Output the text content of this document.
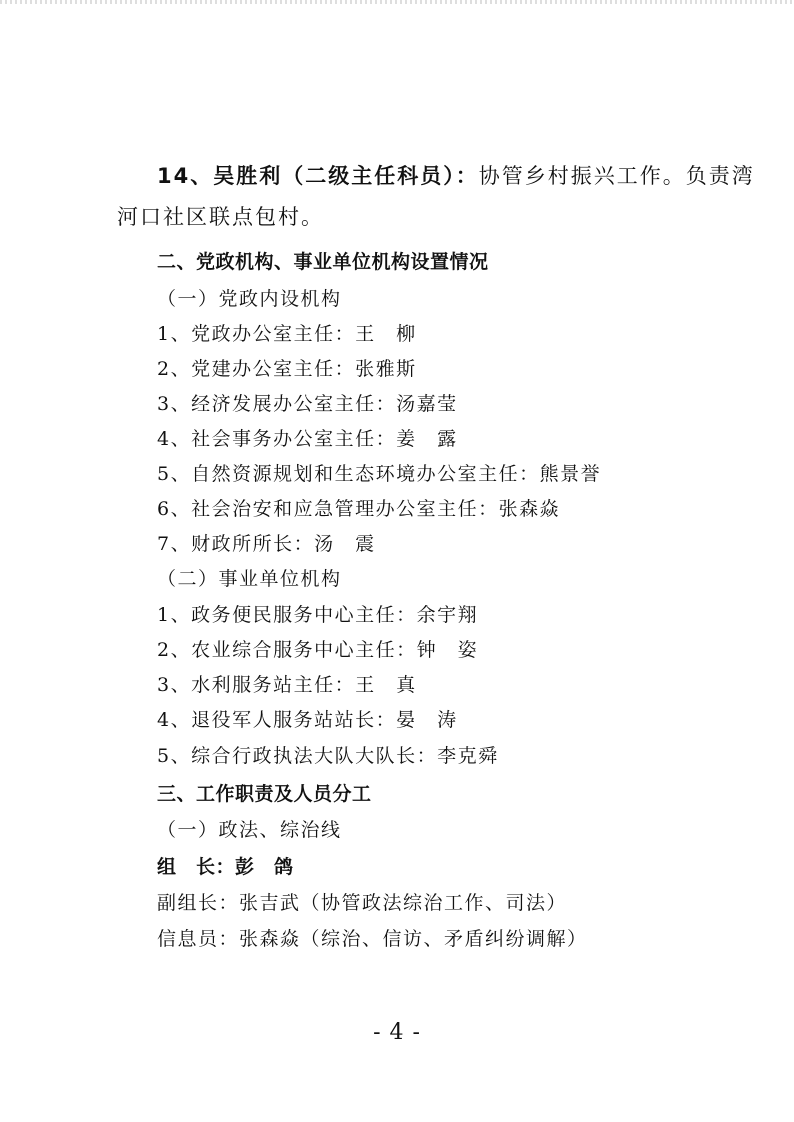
14、吴胜利（二级主任科员）：协管乡村振兴工作。负责湾
河口社区联点包村。
二、党政机构、事业单位机构设置情况
（一）党政内设机构
1、党政办公室主任：王　柳
2、党建办公室主任：张雅斯
3、经济发展办公室主任：汤嘉莹
4、社会事务办公室主任：姜　露
5、自然资源规划和生态环境办公室主任：熊景誉
6、社会治安和应急管理办公室主任：张森焱
7、财政所所长：汤　震
（二）事业单位机构
1、政务便民服务中心主任：余宇翔
2、农业综合服务中心主任：钟　姿
3、水利服务站主任：王　真
4、退役军人服务站站长：晏　涛
5、综合行政执法大队大队长：李克舜
三、工作职责及人员分工
（一）政法、综治线
组　长：彭　鸽
副组长：张吉武（协管政法综治工作、司法）
信息员：张森焱（综治、信访、矛盾纠纷调解）
- 4 -
